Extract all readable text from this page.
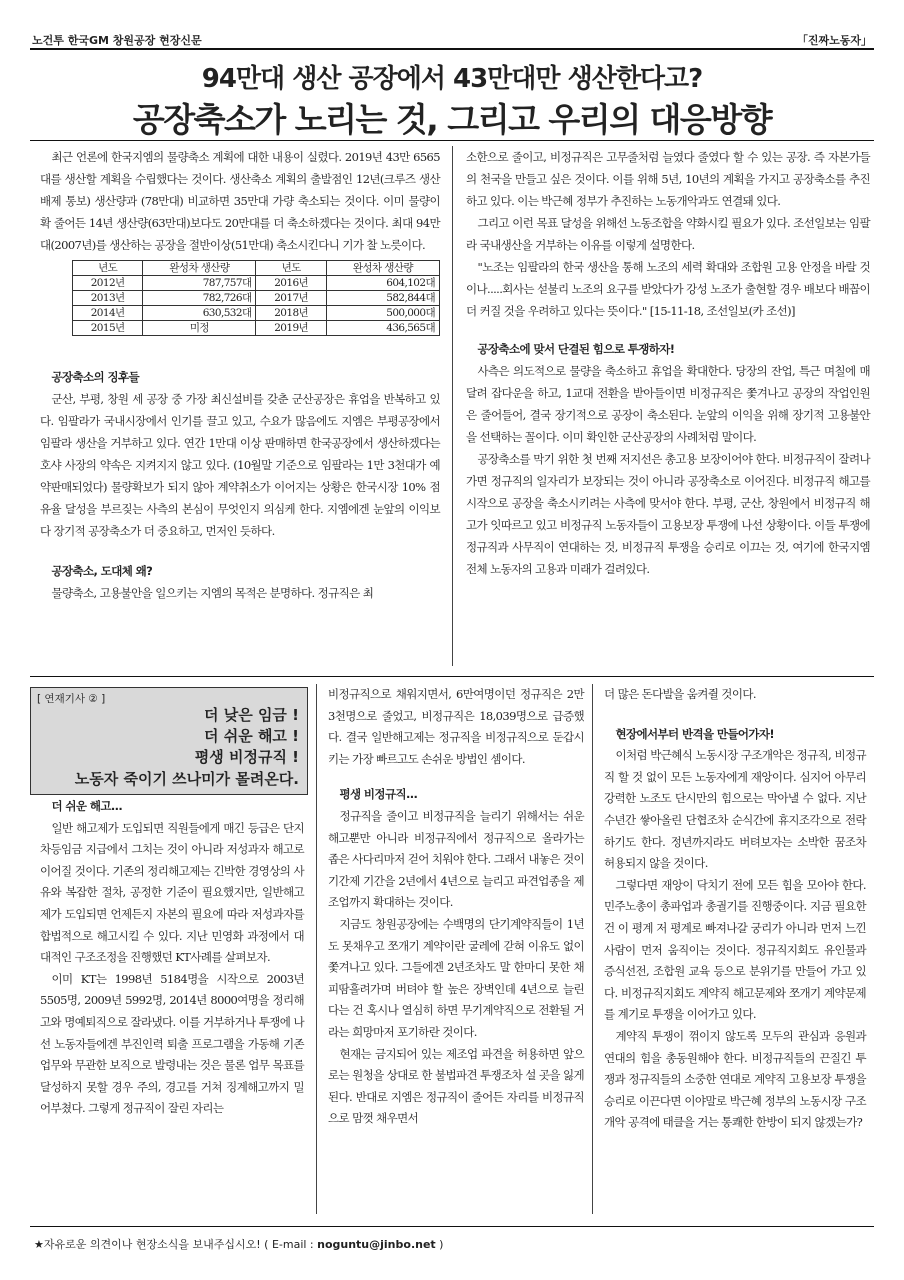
노건투 한국GM 창원공장 현장신문	「진짜노동자」
94만대 생산 공장에서 43만대만 생산한다고?
공장축소가 노리는 것, 그리고 우리의 대응방향

최근 언론에 한국지엠의 물량축소 계획에 대한 내용이 실렸다. 2019년 43만 6565대를 생산할 계획을 수립했다는 것이다. 생산축소 계획의 출발점인 12년(크루즈 생산 배제 통보) 생산량과 (78만대) 비교하면 35만대 가량 축소되는 것이다. 이미 물량이 확 줄어든 14년 생산량(63만대)보다도 20만대를 더 축소하겠다는 것이다. 최대 94만대(2007년)를 생산하는 공장을 절반이상(51만대) 축소시킨다니 기가 찰 노릇이다.

년도	완성차 생산량	년도	완성차 생산량
2012년	787,757대	2016년	604,102대
2013년	782,726대	2017년	582,844대
2014년	630,532대	2018년	500,000대
2015년	미정	2019년	436,565대

공장축소의 징후들

군산, 부평, 창원 세 공장 중 가장 최신설비를 갖춘 군산공장은 휴업을 반복하고 있다. 임팔라가 국내시장에서 인기를 끌고 있고, 수요가 많음에도 지엠은 부평공장에서 임팔라 생산을 거부하고 있다. 연간 1만대 이상 판매하면 한국공장에서 생산하겠다는 호샤 사장의 약속은 지켜지지 않고 있다. (10월말 기준으로 임팔라는 1만 3천대가 예약판매되었다) 물량확보가 되지 않아 계약취소가 이어지는 상황은 한국시장 10% 점유율 달성을 부르짖는 사측의 본심이 무엇인지 의심케 한다. 지엠에겐 눈앞의 이익보다 장기적 공장축소가 더 중요하고, 먼저인 듯하다.

공장축소, 도대체 왜?

물량축소, 고용불안을 일으키는 지엠의 목적은 분명하다. 정규직은 최

소한으로 줄이고, 비정규직은 고무줄처럼 늘였다 줄였다 할 수 있는 공장. 즉 자본가들의 천국을 만들고 싶은 것이다. 이를 위해 5년, 10년의 계획을 가지고 공장축소를 추진하고 있다. 이는 박근혜 정부가 추진하는 노동개악과도 연결돼 있다.

그리고 이런 목표 달성을 위해선 노동조합을 약화시킬 필요가 있다. 조선일보는 임팔라 국내생산을 거부하는 이유를 이렇게 설명한다.

"노조는 임팔라의 한국 생산을 통해 노조의 세력 확대와 조합원 고용 안정을 바랄 것이나.....회사는 섣불리 노조의 요구를 받았다가 강성 노조가 출현할 경우 배보다 배꼽이 더 커질 것을 우려하고 있다는 뜻이다." [15-11-18, 조선일보(카 조선)]

공장축소에 맞서 단결된 힘으로 투쟁하자!

사측은 의도적으로 물량을 축소하고 휴업을 확대한다. 당장의 잔업, 특근 며칠에 매달려 잡다운을 하고, 1교대 전환을 받아들이면 비정규직은 쫓겨나고 공장의 작업인원은 줄어들어, 결국 장기적으로 공장이 축소된다. 눈앞의 이익을 위해 장기적 고용불안을 선택하는 꼴이다. 이미 확인한 군산공장의 사례처럼 말이다.

공장축소를 막기 위한 첫 번째 저지선은 총고용 보장이어야 한다. 비정규직이 잘려나가면 정규직의 일자리가 보장되는 것이 아니라 공장축소로 이어진다. 비정규직 해고를 시작으로 공장을 축소시키려는 사측에 맞서야 한다. 부평, 군산, 창원에서 비정규직 해고가 잇따르고 있고 비정규직 노동자들이 고용보장 투쟁에 나선 상황이다. 이들 투쟁에 정규직과 사무직이 연대하는 것, 비정규직 투쟁을 승리로 이끄는 것, 여기에 한국지엠 전체 노동자의 고용과 미래가 걸려있다.

[ 연재기사 ② ]
더 낮은 임금 !
더 쉬운 해고 !
평생 비정규직 !
노동자 죽이기 쓰나미가 몰려온다.

더 쉬운 해고...

일반 해고제가 도입되면 직원들에게 매긴 등급은 단지 차등임금 지급에서 그치는 것이 아니라 저성과자 해고로 이어질 것이다. 기존의 정리해고제는 긴박한 경영상의 사유와 복잡한 절차, 공정한 기준이 필요했지만, 일반해고제가 도입되면 언제든지 자본의 필요에 따라 저성과자를 합법적으로 해고시킬 수 있다. 지난 민영화 과정에서 대대적인 구조조정을 진행했던 KT사례를 살펴보자.

이미 KT는 1998년 5184명을 시작으로 2003년 5505명, 2009년 5992명, 2014년 8000여명을 정리해고와 명예퇴직으로 잘라냈다. 이를 거부하거나 투쟁에 나선 노동자들에겐 부진인력 퇴출 프로그램을 가동해 기존 업무와 무관한 보직으로 발령내는 것은 물론 업무 목표를 달성하지 못할 경우 주의, 경고를 거쳐 징계해고까지 밀어부쳤다. 그렇게 정규직이 잘린 자리는

비정규직으로 채워지면서, 6만여명이던 정규직은 2만3천명으로 줄었고, 비정규직은 18,039명으로 급증했다. 결국 일반해고제는 정규직을 비정규직으로 둔갑시키는 가장 빠르고도 손쉬운 방법인 셈이다.

평생 비정규직...

정규직을 줄이고 비정규직을 늘리기 위해서는 쉬운 해고뿐만 아니라 비정규직에서 정규직으로 올라가는 좁은 사다리마저 걷어 치워야 한다. 그래서 내놓은 것이 기간제 기간을 2년에서 4년으로 늘리고 파견업종을 제조업까지 확대하는 것이다.

지금도 창원공장에는 수백명의 단기계약직들이 1년도 못채우고 쪼개기 계약이란 굴레에 갇혀 이유도 없이 쫓겨나고 있다. 그들에겐 2년조차도 말 한마디 못한 채 피땀흘려가며 버텨야 할 높은 장벽인데 4년으로 늘린다는 건 혹시나 열심히 하면 무기계약직으로 전환될 거라는 희망마저 포기하란 것이다.

현재는 금지되어 있는 제조업 파견을 허용하면 앞으로는 원청을 상대로 한 불법파견 투쟁조차 설 곳을 잃게 된다. 반대로 지엠은 정규직이 줄어든 자리를 비정규직으로 맘껏 채우면서

더 많은 돈다발을 움켜쥘 것이다.

현장에서부터 반격을 만들어가자!

이처럼 박근혜식 노동시장 구조개악은 정규직, 비정규직 할 것 없이 모든 노동자에게 재앙이다. 심지어 아무리 강력한 노조도 단시만의 힘으로는 막아낼 수 없다. 지난 수년간 쌓아올린 단협조차 순식간에 휴지조각으로 전락하기도 한다. 정년까지라도 버텨보자는 소박한 꿈조차 허용되지 않을 것이다.

그렇다면 재앙이 닥치기 전에 모든 힘을 모아야 한다. 민주노총이 총파업과 총궐기를 진행중이다. 지금 필요한건 이 평계 저 평계로 빠져나갈 궁리가 아니라 먼저 느낀 사람이 먼저 움직이는 것이다. 정규직지회도 유인물과 증식선전, 조합원 교육 등으로 분위기를 만들어 가고 있다. 비정규직지회도 계약직 해고문제와 쪼개기 계약문제를 계기로 투쟁을 이어가고 있다.

계약직 투쟁이 꺾이지 않도록 모두의 관심과 응원과 연대의 힘을 총동원해야 한다. 비정규직들의 끈질긴 투쟁과 정규직들의 소중한 연대로 계약직 고용보장 투쟁을 승리로 이끈다면 이야말로 박근혜 정부의 노동시장 구조개악 공격에 태클을 거는 통쾌한 한방이 되지 않겠는가?

★자유로운 의견이나 현장소식을 보내주십시오! ( E-mail : noguntu@jinbo.net )
